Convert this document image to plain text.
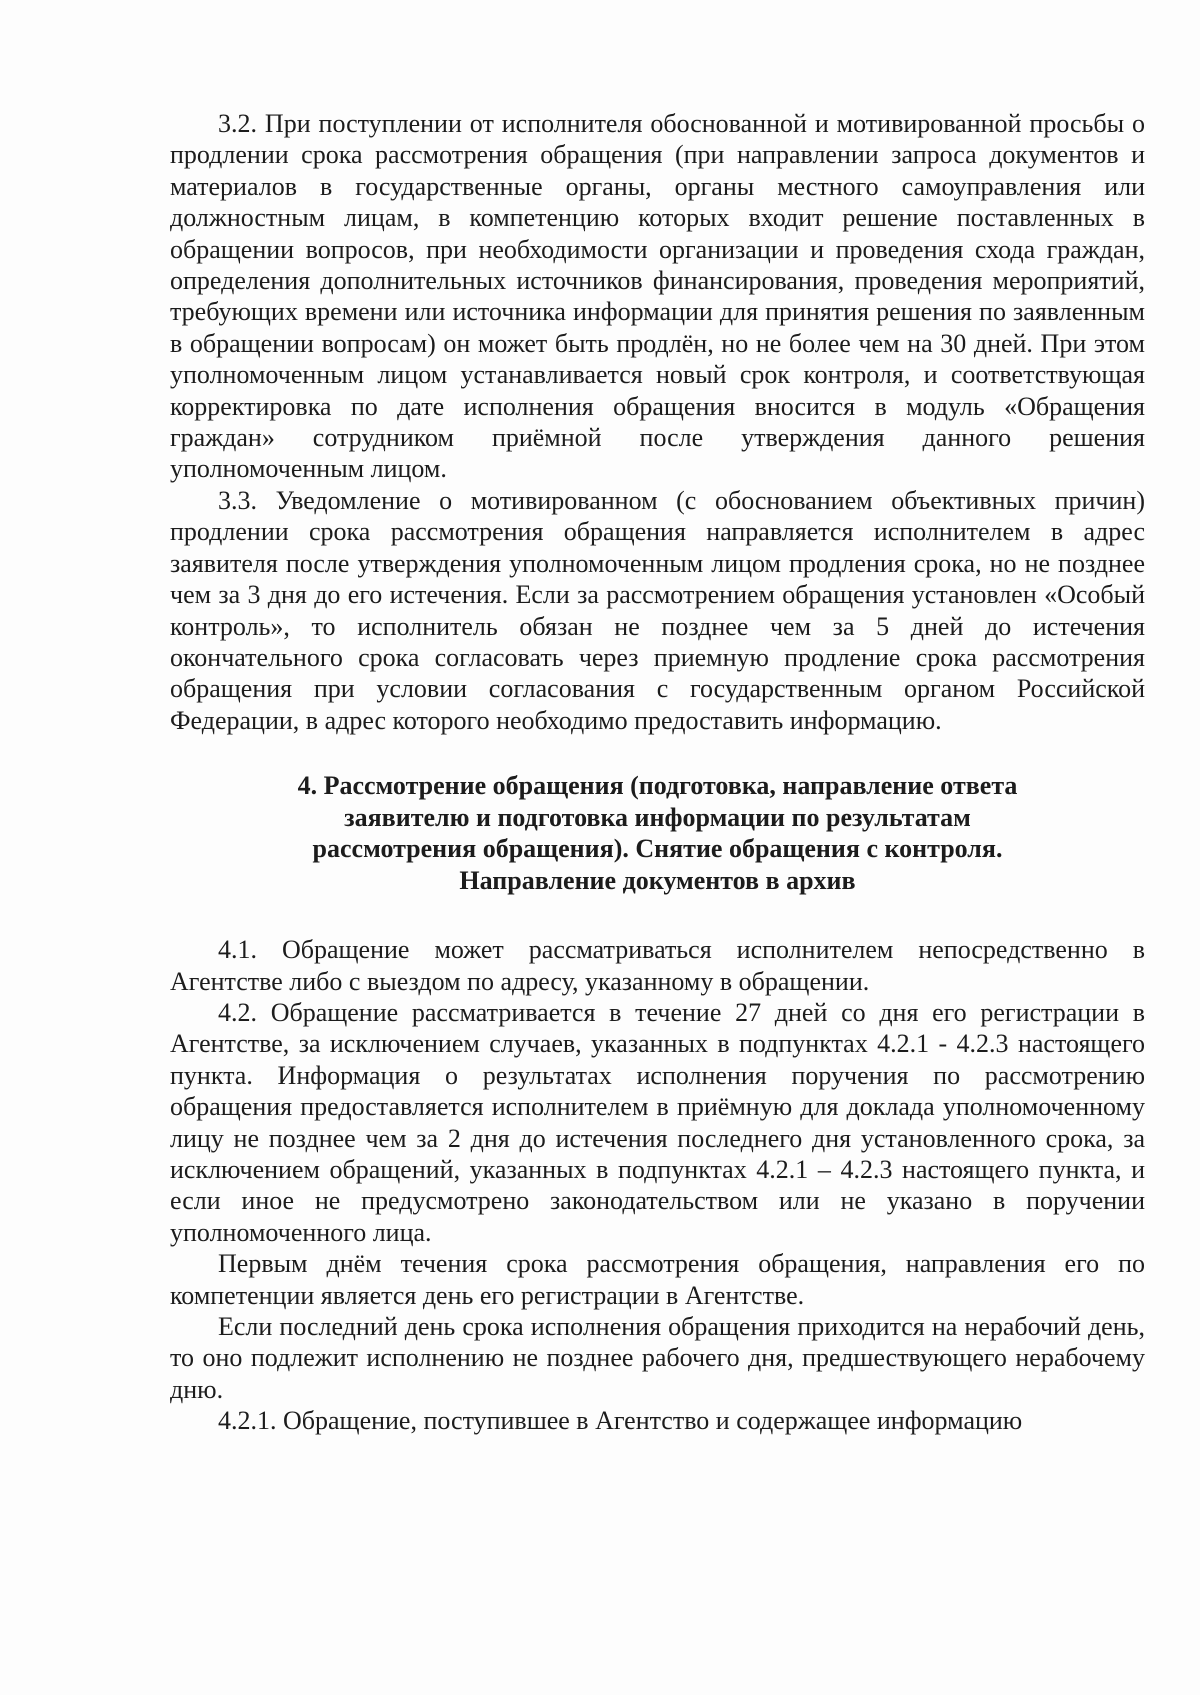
3.2. При поступлении от исполнителя обоснованной и мотивированной просьбы о продлении срока рассмотрения обращения (при направлении запроса документов и материалов в государственные органы, органы местного самоуправления или должностным лицам, в компетенцию которых входит решение поставленных в обращении вопросов, при необходимости организации и проведения схода граждан, определения дополнительных источников финансирования, проведения мероприятий, требующих времени или источника информации для принятия решения по заявленным в обращении вопросам) он может быть продлён, но не более чем на 30 дней. При этом уполномоченным лицом устанавливается новый срок контроля, и соответствующая корректировка по дате исполнения обращения вносится в модуль «Обращения граждан» сотрудником приёмной после утверждения данного решения уполномоченным лицом.

3.3. Уведомление о мотивированном (с обоснованием объективных причин) продлении срока рассмотрения обращения направляется исполнителем в адрес заявителя после утверждения уполномоченным лицом продления срока, но не позднее чем за 3 дня до его истечения. Если за рассмотрением обращения установлен «Особый контроль», то исполнитель обязан не позднее чем за 5 дней до истечения окончательного срока согласовать через приемную продление срока рассмотрения обращения при условии согласования с государственным органом Российской Федерации, в адрес которого необходимо предоставить информацию.

4. Рассмотрение обращения (подготовка, направление ответа
заявителю и подготовка информации по результатам
рассмотрения обращения). Снятие обращения с контроля.
Направление документов в архив

4.1. Обращение может рассматриваться исполнителем непосредственно в Агентстве либо с выездом по адресу, указанному в обращении.

4.2. Обращение рассматривается в течение 27 дней со дня его регистрации в Агентстве, за исключением случаев, указанных в подпунктах 4.2.1 - 4.2.3 настоящего пункта. Информация о результатах исполнения поручения по рассмотрению обращения предоставляется исполнителем в приёмную для доклада уполномоченному лицу не позднее чем за 2 дня до истечения последнего дня установленного срока, за исключением обращений, указанных в подпунктах 4.2.1 – 4.2.3 настоящего пункта, и если иное не предусмотрено законодательством или не указано в поручении уполномоченного лица.

Первым днём течения срока рассмотрения обращения, направления его по компетенции является день его регистрации в Агентстве.

Если последний день срока исполнения обращения приходится на нерабочий день, то оно подлежит исполнению не позднее рабочего дня, предшествующего нерабочему дню.

4.2.1. Обращение, поступившее в Агентство и содержащее информацию
